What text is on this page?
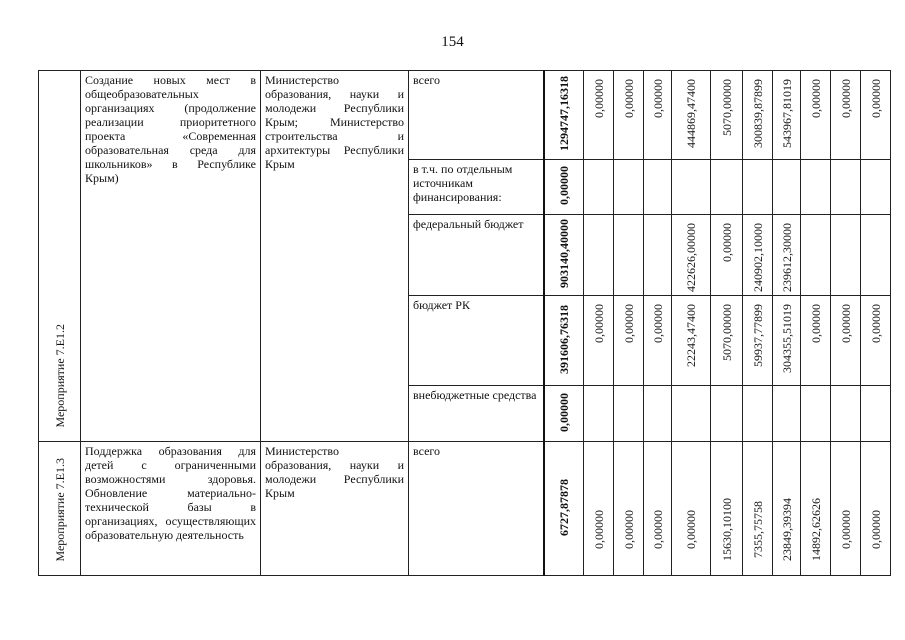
154
Мероприятие 7.Е1.2	Создание новых мест в общеобразовательных организациях (продолжение реализации приоритетного проекта «Современная образовательная среда для школьников» в Республике Крым)	Министерство образования, науки и молодежи Республики Крым; Министерство строительства и архитектуры Республики Крым	всего	1294747,16318	0,00000	0,00000	0,00000	444869,47400	5070,00000	300839,87899	543967,81019	0,00000	0,00000	0,00000
			в т.ч. по отдельным источникам финансирования:	0,00000										
			федеральный бюджет	903140,40000				422626,00000	0,00000	240902,10000	239612,30000			
			бюджет РК	391606,76318	0,00000	0,00000	0,00000	22243,47400	5070,00000	59937,77899	304355,51019	0,00000	0,00000	0,00000
			внебюджетные средства	0,00000										
Мероприятие 7.Е1.3	Поддержка образования для детей с ограниченными возможностями здоровья. Обновление материально-технической базы в организациях, осуществляющих образовательную деятельность	Министерство образования, науки и молодежи Республики Крым	всего	6727,87878	0,00000	0,00000	0,00000	0,00000	15630,10100	7355,75758	23849,39394	14892,62626	0,00000	0,00000
